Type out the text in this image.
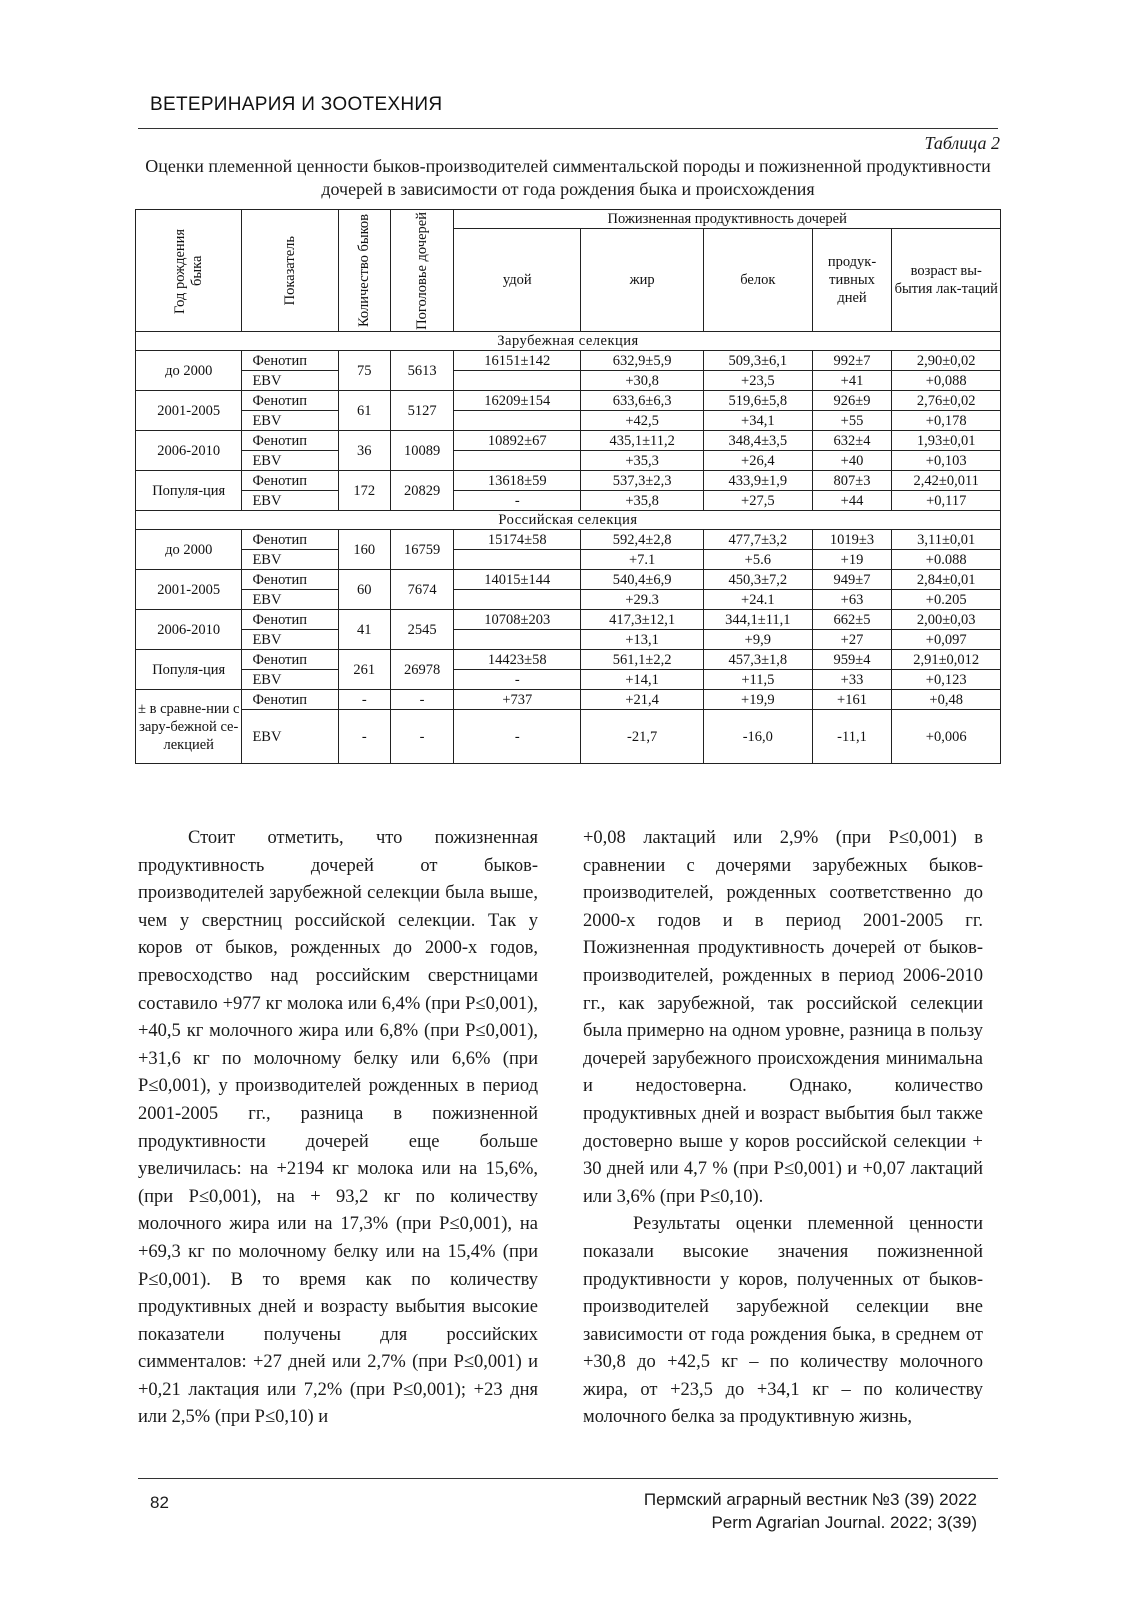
ВЕТЕРИНАРИЯ И ЗООТЕХНИЯ
Таблица 2
Оценки племенной ценности быков-производителей симментальской породы и пожизненной продуктивности дочерей в зависимости от года рождения быка и происхождения
Год рождения быка	Показатель	Количество быков	Поголовье дочерей	Пожизненная продуктивность дочерей				
				удой	жир	белок	продук-тивных дней	возраст вы-бытия лак-таций
Зарубежная селекция								
до 2000	Фенотип	75	5613	16151±142	632,9±5,9	509,3±6,1	992±7	2,90±0,02
	EBV				+30,8	+23,5	+41	+0,088
2001-2005	Фенотип	61	5127	16209±154	633,6±6,3	519,6±5,8	926±9	2,76±0,02
	EBV				+42,5	+34,1	+55	+0,178
2006-2010	Фенотип	36	10089	10892±67	435,1±11,2	348,4±3,5	632±4	1,93±0,01
	EBV				+35,3	+26,4	+40	+0,103
Популя-ция	Фенотип	172	20829	13618±59	537,3±2,3	433,9±1,9	807±3	2,42±0,011
	EBV			-	+35,8	+27,5	+44	+0,117
Российская селекция								
до 2000	Фенотип	160	16759	15174±58	592,4±2,8	477,7±3,2	1019±3	3,11±0,01
	EBV				+7.1	+5.6	+19	+0.088
2001-2005	Фенотип	60	7674	14015±144	540,4±6,9	450,3±7,2	949±7	2,84±0,01
	EBV				+29.3	+24.1	+63	+0.205
2006-2010	Фенотип	41	2545	10708±203	417,3±12,1	344,1±11,1	662±5	2,00±0,03
	EBV				+13,1	+9,9	+27	+0,097
Популя-ция	Фенотип	261	26978	14423±58	561,1±2,2	457,3±1,8	959±4	2,91±0,012
	EBV			-	+14,1	+11,5	+33	+0,123
± в сравне-нии с зару-бежной се-лекцией	Фенотип	-	-	+737	+21,4	+19,9	+161	+0,48
	EBV	-	-	-	-21,7	-16,0	-11,1	+0,006

Стоит отметить, что пожизненная продуктивность дочерей от быков-производителей зарубежной селекции была выше, чем у сверстниц российской селекции. Так у коров от быков, рожденных до 2000-х годов, превосходство над российским сверстницами составило +977 кг молока или 6,4% (при P≤0,001), +40,5 кг молочного жира или 6,8% (при P≤0,001), +31,6 кг по молочному белку или 6,6% (при P≤0,001), у производителей рожденных в период 2001-2005 гг., разница в пожизненной продуктивности дочерей еще больше увеличилась: на +2194 кг молока или на 15,6%, (при P≤0,001), на + 93,2 кг по количеству молочного жира или на 17,3% (при P≤0,001), на +69,3 кг по молочному белку или на 15,4% (при P≤0,001). В то время как по количеству продуктивных дней и возрасту выбытия высокие показатели получены для российских симменталов: +27 дней или 2,7% (при P≤0,001) и +0,21 лактация или 7,2% (при P≤0,001); +23 дня или 2,5% (при P≤0,10) и

+0,08 лактаций или 2,9% (при P≤0,001) в сравнении с дочерями зарубежных быков-производителей, рожденных соответственно до 2000-х годов и в период 2001-2005 гг. Пожизненная продуктивность дочерей от быков-производителей, рожденных в период 2006-2010 гг., как зарубежной, так российской селекции была примерно на одном уровне, разница в пользу дочерей зарубежного происхождения минимальна и недостоверна. Однако, количество продуктивных дней и возраст выбытия был также достоверно выше у коров российской селекции + 30 дней или 4,7 % (при P≤0,001) и +0,07 лактаций или 3,6% (при P≤0,10).

Результаты оценки племенной ценности показали высокие значения пожизненной продуктивности у коров, полученных от быков-производителей зарубежной селекции вне зависимости от года рождения быка, в среднем от +30,8 до +42,5 кг – по количеству молочного жира, от +23,5 до +34,1 кг – по количеству молочного белка за продуктивную жизнь,

82	Пермский аграрный вестник №3 (39) 2022
Perm Agrarian Journal. 2022; 3(39)
